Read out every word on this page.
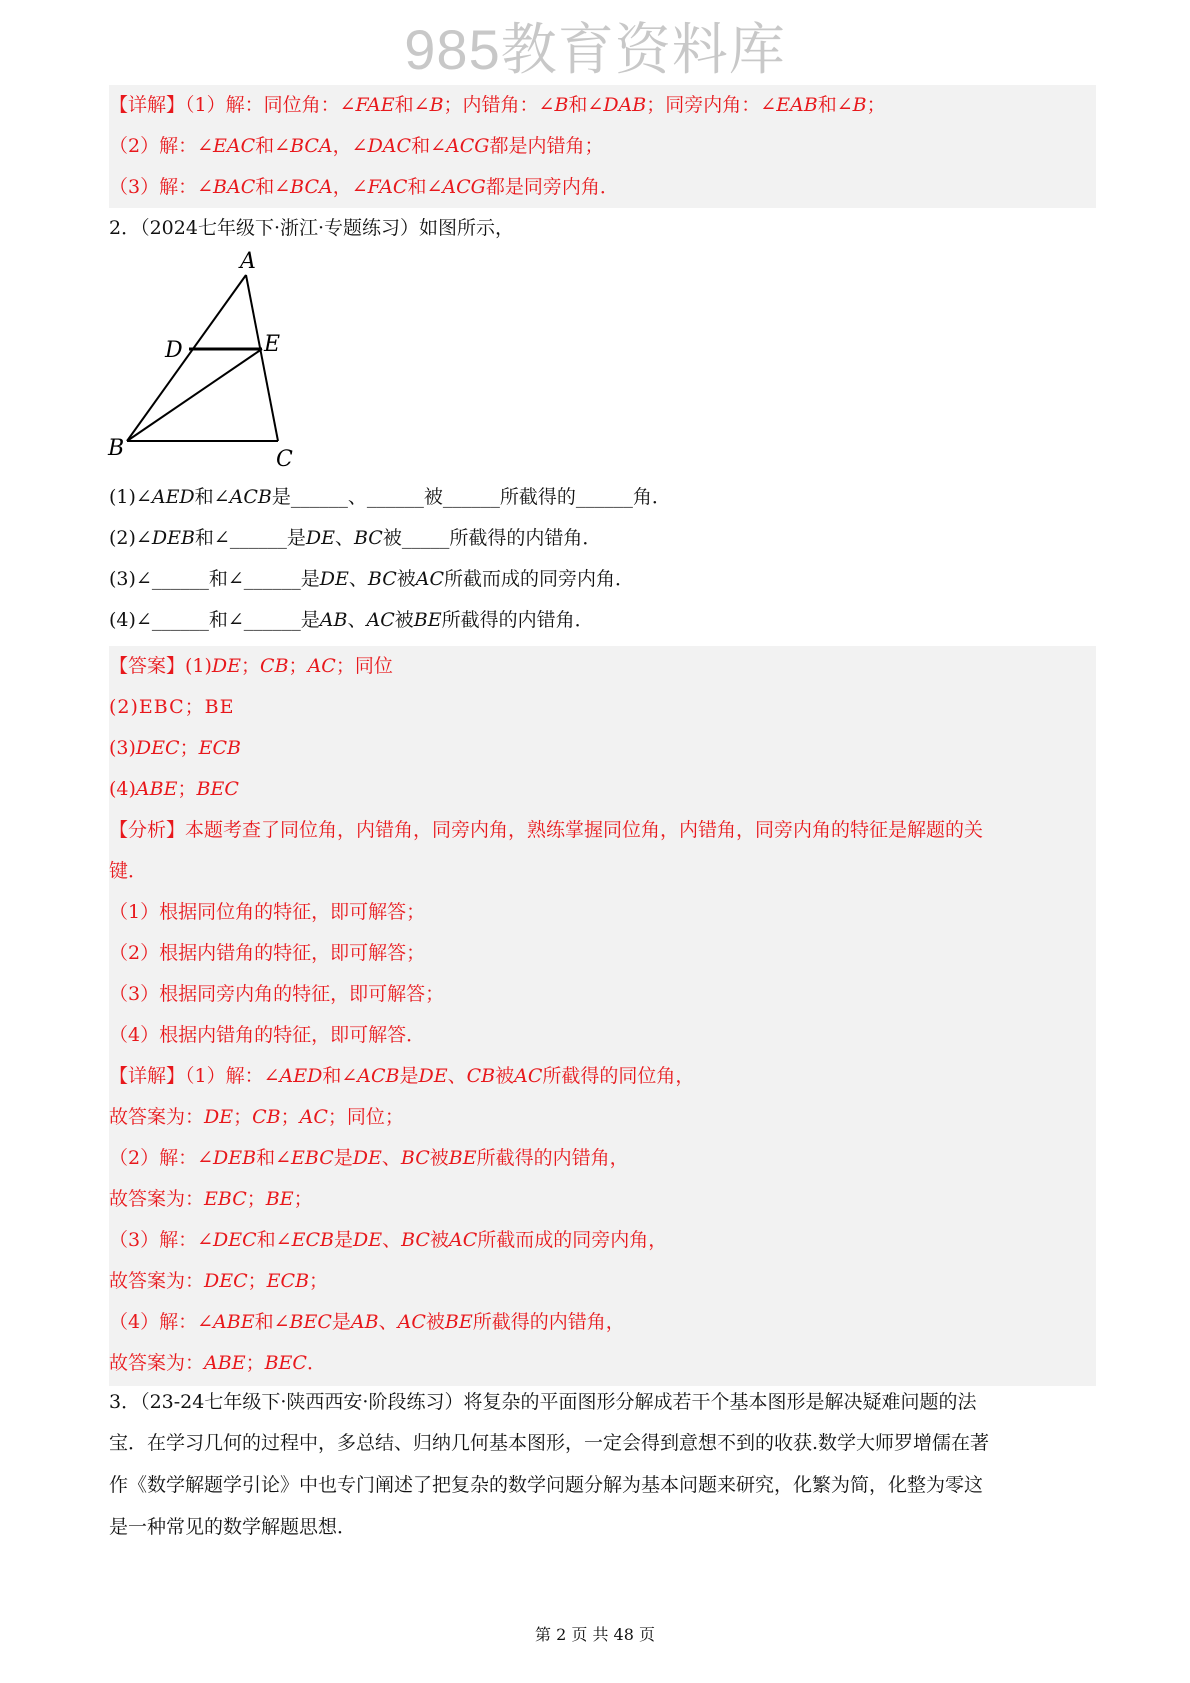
985教育资料库
【详解】（1）解：同位角：∠FAE和∠B；内错角：∠B和∠DAB；同旁内角：∠EAB和∠B；
（2）解：∠EAC和∠BCA，∠DAC和∠ACG都是内错角；
（3）解：∠BAC和∠BCA，∠FAC和∠ACG都是同旁内角．
2．（2024七年级下·浙江·专题练习）如图所示，
A
D	E
B	C
(1)∠AED和∠ACB是______、______被______所截得的______角．
(2)∠DEB和∠______是DE、BC被_____所截得的内错角．
(3)∠______和∠______是DE、BC被AC所截而成的同旁内角．
(4)∠______和∠______是AB、AC被BE所截得的内错角．
【答案】(1)DE；CB；AC；同位
(2)EBC；BE
(3)DEC；ECB
(4)ABE；BEC
【分析】本题考查了同位角，内错角，同旁内角，熟练掌握同位角，内错角，同旁内角的特征是解题的关
键．
（1）根据同位角的特征，即可解答；
（2）根据内错角的特征，即可解答；
（3）根据同旁内角的特征，即可解答；
（4）根据内错角的特征，即可解答．
【详解】（1）解：∠AED和∠ACB是DE、CB被AC所截得的同位角，
故答案为：DE；CB；AC；同位；
（2）解：∠DEB和∠EBC是DE、BC被BE所截得的内错角，
故答案为：EBC；BE；
（3）解：∠DEC和∠ECB是DE、BC被AC所截而成的同旁内角，
故答案为：DEC；ECB；
（4）解：∠ABE和∠BEC是AB、AC被BE所截得的内错角，
故答案为：ABE；BEC．
3．（23-24七年级下·陕西西安·阶段练习）将复杂的平面图形分解成若干个基本图形是解决疑难问题的法
宝．在学习几何的过程中，多总结、归纳几何基本图形，一定会得到意想不到的收获.数学大师罗增儒在著
作《数学解题学引论》中也专门阐述了把复杂的数学问题分解为基本问题来研究，化繁为简，化整为零这
是一种常见的数学解题思想．
第 2 页 共 48 页
